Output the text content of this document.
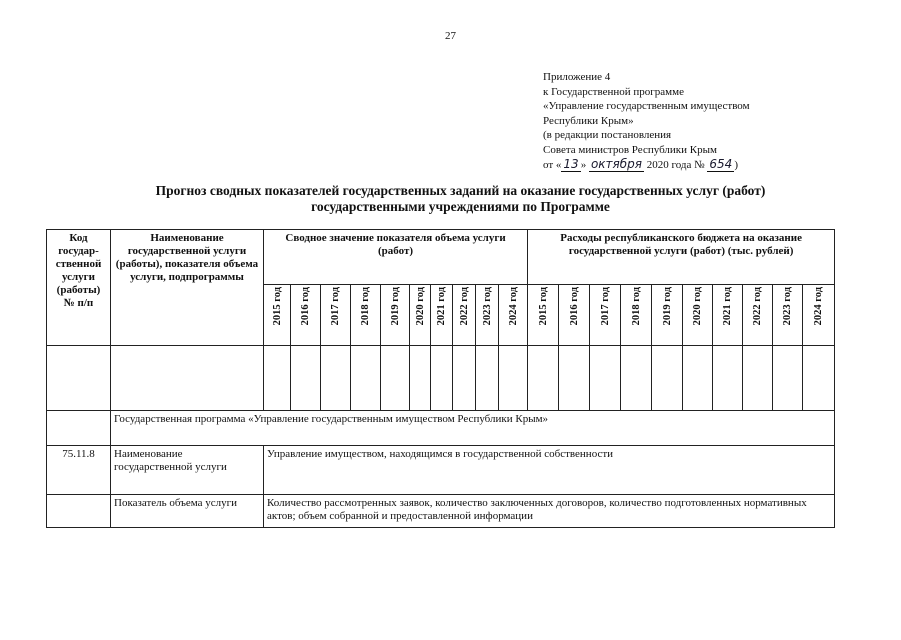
27
Приложение 4
к Государственной программе
«Управление государственным имуществом
Республики Крым»
(в редакции постановления
Совета министров Республики Крым
от « 13 » октября 2020 года № 654 )
Прогноз сводных показателей государственных заданий на оказание государственных услуг (работ)
государственными учреждениями по Программе
Код государ-ственной услуги (работы) № п/п	Наименование государственной услуги (работы), показателя объема услуги, подпрограммы	Сводное значение показателя объема услуги (работ)										Расходы республиканского бюджета на оказание государственной услуги (работ) (тыс. рублей)									
		2015 год	2016 год	2017 год	2018 год	2019 год	2020 год	2021 год	2022 год	2023 год	2024 год	2015 год	2016 год	2017 год	2018 год	2019 год	2020 год	2021 год	2022 год	2023 год	2024 год

	Государственная программа «Управление государственным имуществом Республики Крым»																				
75.11.8	Наименование государственной услуги	Управление имуществом, находящимся в государственной собственности																			
	Показатель объема услуги	Количество рассмотренных заявок, количество заключенных договоров, количество подготовленных нормативных актов; объем собранной и предоставленной информации																			
